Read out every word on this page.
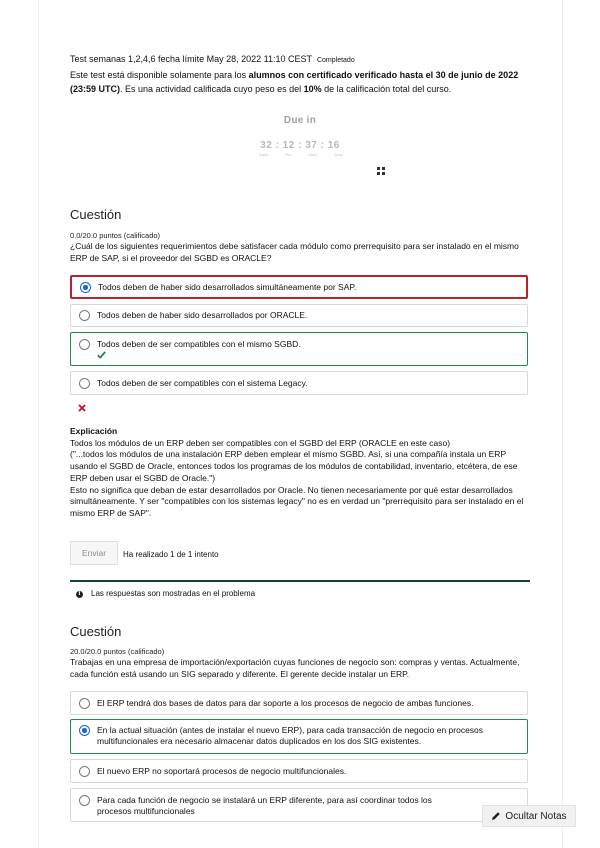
Test semanas 1,2,4,6 fecha límite May 28, 2022 11:10 CEST Completado
Este test está disponible solamente para los alumnos con certificado verificado hasta el 30 de junio de 2022 (23:59 UTC). Es una actividad calificada cuyo peso es del 10% de la calificación total del curso.
Due in
32 : 12 : 37 : 16
Days	Hrs	Mins	Secs
Cuestión
0.0/20.0 puntos (calificado)
¿Cuál de los siguientes requerimientos debe satisfacer cada módulo como prerrequisito para ser instalado en el mismo ERP de SAP, si el proveedor del SGBD es ORACLE?
Todos deben de haber sido desarrollados simultáneamente por SAP.
Todos deben de haber sido desarrollados por ORACLE.
Todos deben de ser compatibles con el mismo SGBD.
Todos deben de ser compatibles con el sistema Legacy.
Explicación
Todos los módulos de un ERP deben ser compatibles con el SGBD del ERP (ORACLE en este caso)
("...todos los módulos de una instalación ERP deben emplear el mismo SGBD. Así, si una compañía instala un ERP usando el SGBD de Oracle, entonces todos los programas de los módulos de contabilidad, inventario, etcétera, de ese ERP deben usar el SGBD de Oracle.")
Esto no significa que deban de estar desarrollados por Oracle. No tienen necesariamente por qué estar desarrollados simultáneamente. Y ser "compatibles con los sistemas legacy" no es en verdad un "prerrequisito para ser instalado en el mismo ERP de SAP".
Enviar	Ha realizado 1 de 1 intento
i	Las respuestas son mostradas en el problema
Cuestión
20.0/20.0 puntos (calificado)
Trabajas en una empresa de importación/exportación cuyas funciones de negocio son: compras y ventas. Actualmente, cada función está usando un SIG separado y diferente. El gerente decide instalar un ERP.
El ERP tendrá dos bases de datos para dar soporte a los procesos de negocio de ambas funciones.
En la actual situación (antes de instalar el nuevo ERP), para cada transacción de negocio en procesos multifuncionales era necesario almacenar datos duplicados en los dos SIG existentes.
El nuevo ERP no soportará procesos de negocio multifuncionales.
Para cada función de negocio se instalará un ERP diferente, para así coordinar todos los procesos multifuncionales	Ocultar Notas
